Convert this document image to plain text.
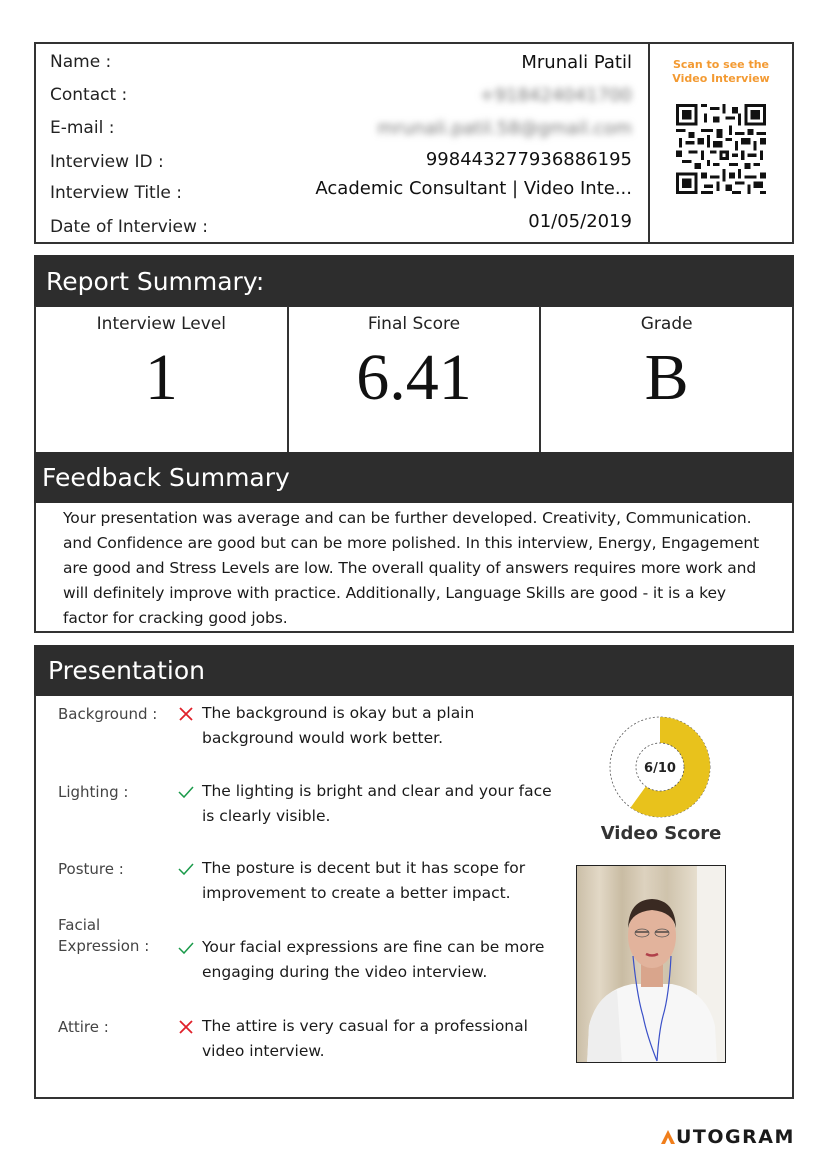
Name :	Mrunali Patil
Contact :	+918424041700
E-mail :	mrunali.patil.58@gmail.com
Interview ID :	998443277936886195
Interview Title :	Academic Consultant | Video Inte...
Date of Interview :	01/05/2019
Scan to see the
Video Interview
Report Summary:
Interview Level
1
Final Score
6.41
Grade
B
Feedback Summary

Your presentation was average and can be further developed. Creativity, Communication. and Confidence are good but can be more polished. In this interview, Energy, Engagement are good and Stress Levels are low. The overall quality of answers requires more work and will definitely improve with practice. Additionally, Language Skills are good - it is a key factor for cracking good jobs.

Presentation
Background :	The background is okay but a plain background would work better.
Lighting :	The lighting is bright and clear and your face is clearly visible.
Posture :	The posture is decent but it has scope for improvement to create a better impact.
Facial Expression :	Your facial expressions are fine can be more engaging during the video interview.
Attire :	The attire is very casual for a professional video interview.
6/10
Video Score
UTOGRAM
